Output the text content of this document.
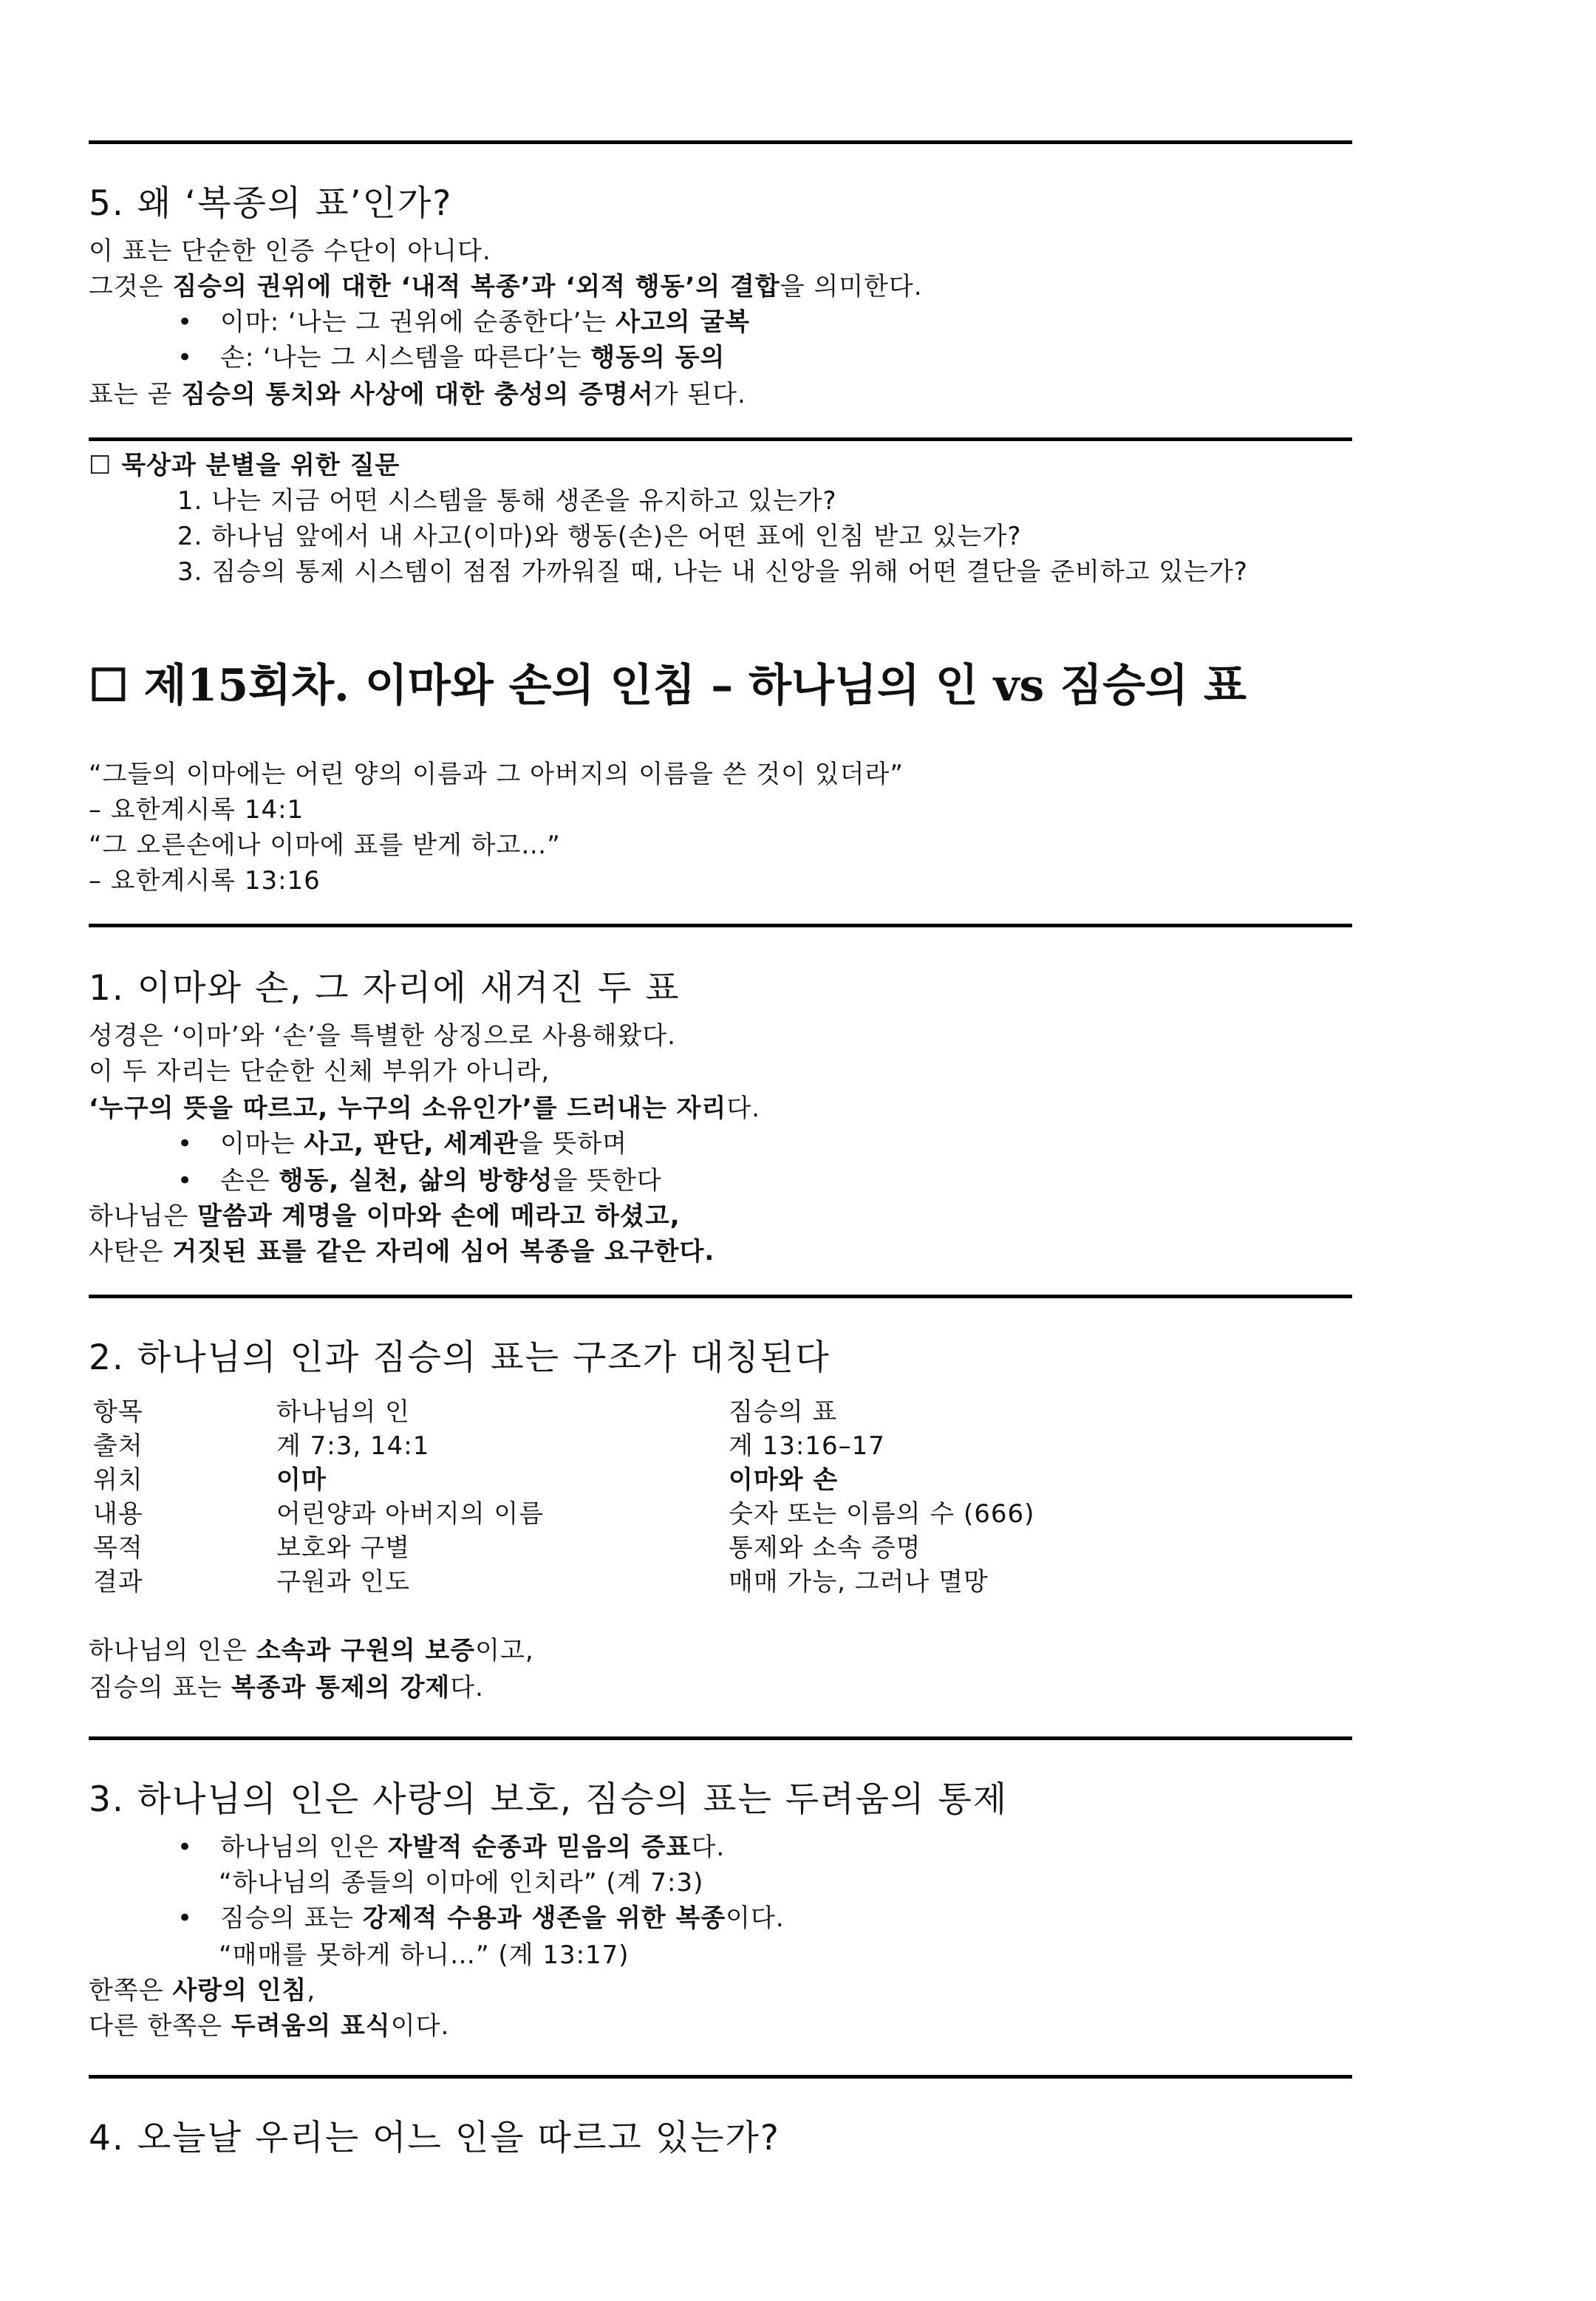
5. 왜 ‘복종의 표’인가?
이 표는 단순한 인증 수단이 아니다.
그것은 짐승의 권위에 대한 ‘내적 복종’과 ‘외적 행동’의 결합을 의미한다.
• 이마: ‘나는 그 권위에 순종한다’는 사고의 굴복
• 손: ‘나는 그 시스템을 따른다’는 행동의 동의
표는 곧 짐승의 통치와 사상에 대한 충성의 증명서가 된다.
☐ 묵상과 분별을 위한 질문
1. 나는 지금 어떤 시스템을 통해 생존을 유지하고 있는가?
2. 하나님 앞에서 내 사고(이마)와 행동(손)은 어떤 표에 인침 받고 있는가?
3. 짐승의 통제 시스템이 점점 가까워질 때, 나는 내 신앙을 위해 어떤 결단을 준비하고 있는가?
☐ 제15회차. 이마와 손의 인침 – 하나님의 인 vs 짐승의 표
“그들의 이마에는 어린 양의 이름과 그 아버지의 이름을 쓴 것이 있더라”
– 요한계시록 14:1
“그 오른손에나 이마에 표를 받게 하고…”
– 요한계시록 13:16
1. 이마와 손, 그 자리에 새겨진 두 표
성경은 ‘이마’와 ‘손’을 특별한 상징으로 사용해왔다.
이 두 자리는 단순한 신체 부위가 아니라,
‘누구의 뜻을 따르고, 누구의 소유인가’를 드러내는 자리다.
• 이마는 사고, 판단, 세계관을 뜻하며
• 손은 행동, 실천, 삶의 방향성을 뜻한다
하나님은 말씀과 계명을 이마와 손에 메라고 하셨고,
사탄은 거짓된 표를 같은 자리에 심어 복종을 요구한다.
2. 하나님의 인과 짐승의 표는 구조가 대칭된다
항목	하나님의 인	짐승의 표
출처	계 7:3, 14:1	계 13:16–17
위치	이마	이마와 손
내용	어린양과 아버지의 이름	숫자 또는 이름의 수 (666)
목적	보호와 구별	통제와 소속 증명
결과	구원과 인도	매매 가능, 그러나 멸망
하나님의 인은 소속과 구원의 보증이고,
짐승의 표는 복종과 통제의 강제다.
3. 하나님의 인은 사랑의 보호, 짐승의 표는 두려움의 통제
• 하나님의 인은 자발적 순종과 믿음의 증표다.
“하나님의 종들의 이마에 인치라” (계 7:3)
• 짐승의 표는 강제적 수용과 생존을 위한 복종이다.
“매매를 못하게 하니…” (계 13:17)
한쪽은 사랑의 인침,
다른 한쪽은 두려움의 표식이다.
4. 오늘날 우리는 어느 인을 따르고 있는가?
